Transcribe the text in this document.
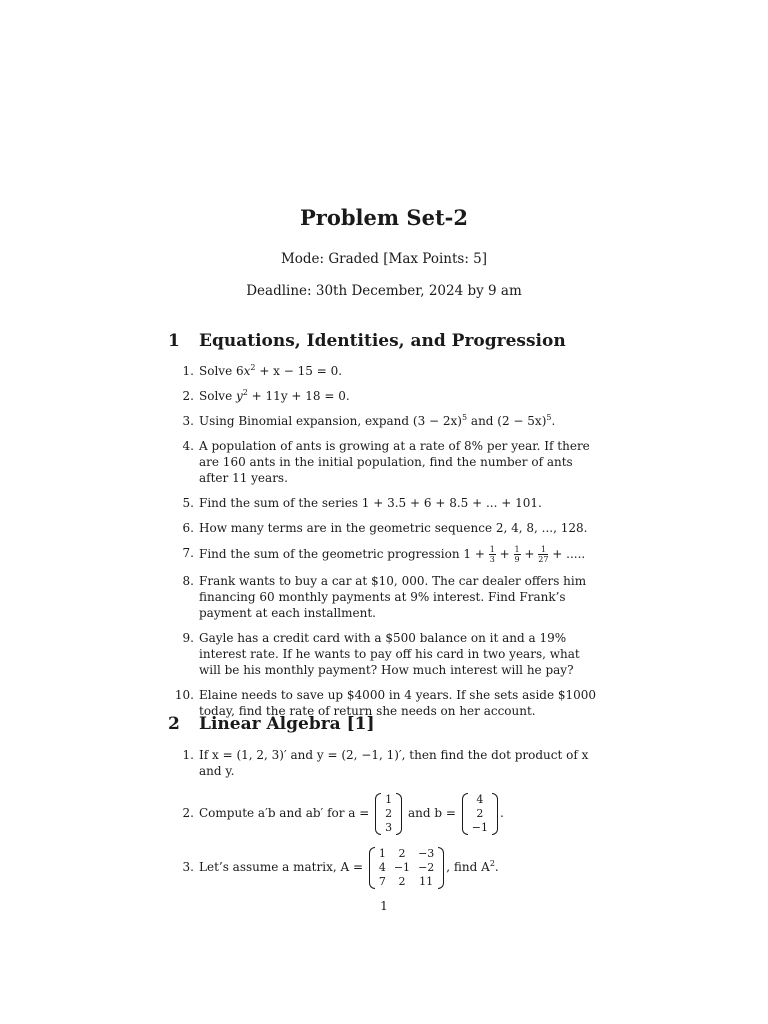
Problem Set-2
Mode: Graded [Max Points: 5]
Deadline: 30th December, 2024 by 9 am
1 Equations, Identities, and Progression
1. Solve $6x^2 + x - 15 = 0$.
2. Solve $y^2 + 11y + 18 = 0$.
3. Using Binomial expansion, expand $(3 - 2x)^5$ and $(2 - 5x)^5$.
4. A population of ants is growing at a rate of 8% per year. If there are 160 ants in the initial population, find the number of ants after 11 years.
5. Find the sum of the series 1 + 3.5 + 6 + 8.5 + ... + 101.
6. How many terms are in the geometric sequence 2, 4, 8, ..., 128.
7. Find the sum of the geometric progression $1 + \frac{1}{3} + \frac{1}{9} + \frac{1}{27}$ + .....
8. Frank wants to buy a car at $10, 000. The car dealer offers him financing 60 monthly payments at 9% interest. Find Frank’s payment at each installment.
9. Gayle has a credit card with a $500 balance on it and a 19% interest rate. If he wants to pay off his card in two years, what will be his monthly payment? How much interest will he pay?
10. Elaine needs to save up $4000 in 4 years. If she sets aside $1000 today, find the rate of return she needs on her account.
2 Linear Algebra [1]
1. If x = (1, 2, 3)′ and y = (2, −1, 1)′, then find the dot product of x and y.
2. Compute a′b and ab′ for a =
1
2
3
and b =
4
2
−1
.
3. Let’s assume a matrix, A =
1	2	−3
4	−1	−2
7	2	11
, find $A^2$.
1
